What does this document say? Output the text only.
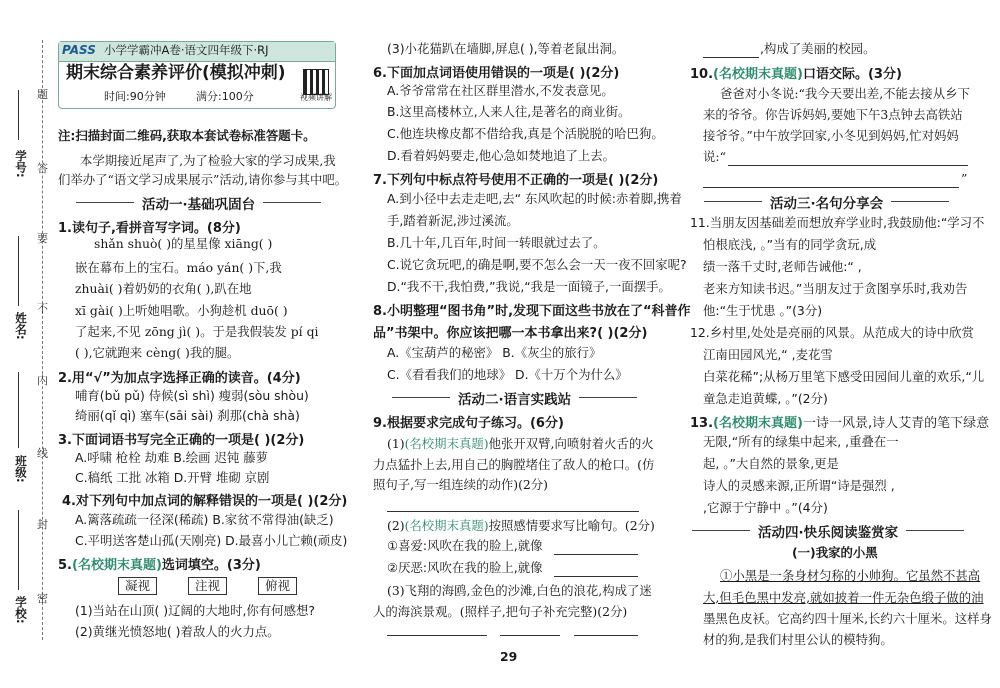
学号:
姓名:
班级:
学校:
题
答
要
不
内
线
封
密
PASS 小学学霸冲A卷·语文四年级下·RJ
期末综合素养评价(模拟冲刺)
时间:90分钟	满分:100分	视频讲解
注:扫描封面二维码,获取本套试卷标准答题卡。
本学期接近尾声了,为了检验大家的学习成果,我
们举办了“语文学习成果展示”活动,请你参与其中吧。
活动一·基础巩固台
1.读句子,看拼音写字词。(8分)
shǎn shuò( )的星星像 xiāng( )
嵌在幕布上的宝石。máo yán( )下,我
zhuài( )着奶奶的衣角( ),趴在地
xī gài( )上听她唱歌。小狗趁机 duō( )
了起来,不见 zōng jì( )。于是我假装发 pí qi
( ),它就跑来 cèng( )我的腿。
2.用“√”为加点字选择正确的读音。(4分)
哺育(bǔ pǔ) 侍候(sì shì) 瘦弱(sòu shòu)
绮丽(qǐ qì) 塞车(sāi sài) 刹那(chà shà)
3.下面词语书写完全正确的一项是( )(2分)
A.呼啸 枪栓 劫难 B.绘画 迟钝 藤萝
C.稿纸 工批 冰箱 D.开臂 堆砌 京剧
4.对下列句中加点词的解释错误的一项是( )(2分)
A.篱落疏疏一径深(稀疏) B.家贫不常得油(缺乏)
C.平明送客楚山孤(天刚亮) D.最喜小儿亡赖(顽皮)
5. ( 名校期末真题 ) 选词填空。(3分)
凝视	注视	俯视
(1)当站在山顶( )辽阔的大地时,你有何感想?
(2)黄继光愤怒地( )着敌人的火力点。
(3)小花猫趴在墙脚,屏息( ),等着老鼠出洞。
6.下面加点词语使用错误的一项是( )(2分)
A.爷爷常常在社区群里潜水,不发表意见。
B.这里高楼林立,人来人往,是著名的商业街。
C.他连块橡皮都不借给我,真是个活脱脱的哈巴狗。
D.看着妈妈要走,他心急如焚地追了上去。
7.下列句中标点符号使用不正确的一项是( )(2分)
A.到小径中去走走吧,去“ 东风吹起的时候:赤着脚,携着
手,踏着新泥,涉过溪流。
B.几十年,几百年,时间一转眼就过去了。
C.说它贪玩吧,的确是啊,要不怎么会一天一夜不回家呢?
D.“我不干,我怕费,”我说,“我是一面镜子,一面摆手。
8.小明整理“图书角”时,发现下面这些书放在了“科普作
品”书架中。你应该把哪一本书拿出来?( )(2分)
A.《宝葫芦的秘密》 B.《灰尘的旅行》
C.《看看我们的地球》 D.《十万个为什么》
活动二·语言实践站
9.根据要求完成句子练习。(6分)
(1) ( 名校期末真题 ) 他张开双臂,向喷射着火舌的火
力点猛扑上去,用自己的胸膛堵住了敌人的枪口。(仿
照句子,写一组连续的动作)(2分)
(2) ( 名校期末真题 ) 按照感情要求写比喻句。(2分)
①喜爱:风吹在我的脸上,就像
②厌恶:风吹在我的脸上,就像
(3)飞翔的海鸥,金色的沙滩,白色的浪花,构成了迷
人的海滨景观。(照样子,把句子补充完整)(2分)
29
,构成了美丽的校园。
10. ( 名校期末真题 ) 口语交际。(3分)
爸爸对小冬说:“我今天要出差,不能去接从乡下
来的爷爷。你告诉妈妈,要她下午3点钟去高铁站
接爷爷。”中午放学回家,小冬见到妈妈,忙对妈妈
说:“
”
活动三·名句分享会
11.当朋友因基础差而想放弃学业时,我鼓励他:“学习不
怕根底浅, 。”当有的同学贪玩,成
绩一落千丈时,老师告诫他:“ ,
老来方知读书迟。”当朋友过于贪图享乐时,我劝告
他:“生于忧患 。”(3分)
12.乡村里,处处是亮丽的风景。从范成大的诗中欣赏
江南田园风光,“ ,麦花雪
白菜花稀”;从杨万里笔下感受田园间儿童的欢乐,“儿
童急走追黄蝶, 。”(2分)
13. ( 名校期末真题 ) 一诗一风景,诗人艾青的笔下绿意
无限,“所有的绿集中起来, ,重叠在一
起, 。”大自然的景象,更是
诗人的灵感来源,正所谓“诗是强烈 ,
,它源于宁静中 。”(4分)
活动四·快乐阅读鉴赏家
(一)我家的小黑
①小黑是一条身材匀称的小帅狗。它虽然不甚高
大,但毛色黑中发亮,就如披着一件无杂色缎子做的油
墨黑色皮袄。它高约四十厘米,长约六十厘米。这样身
材的狗,是我们村里公认的模特狗。
